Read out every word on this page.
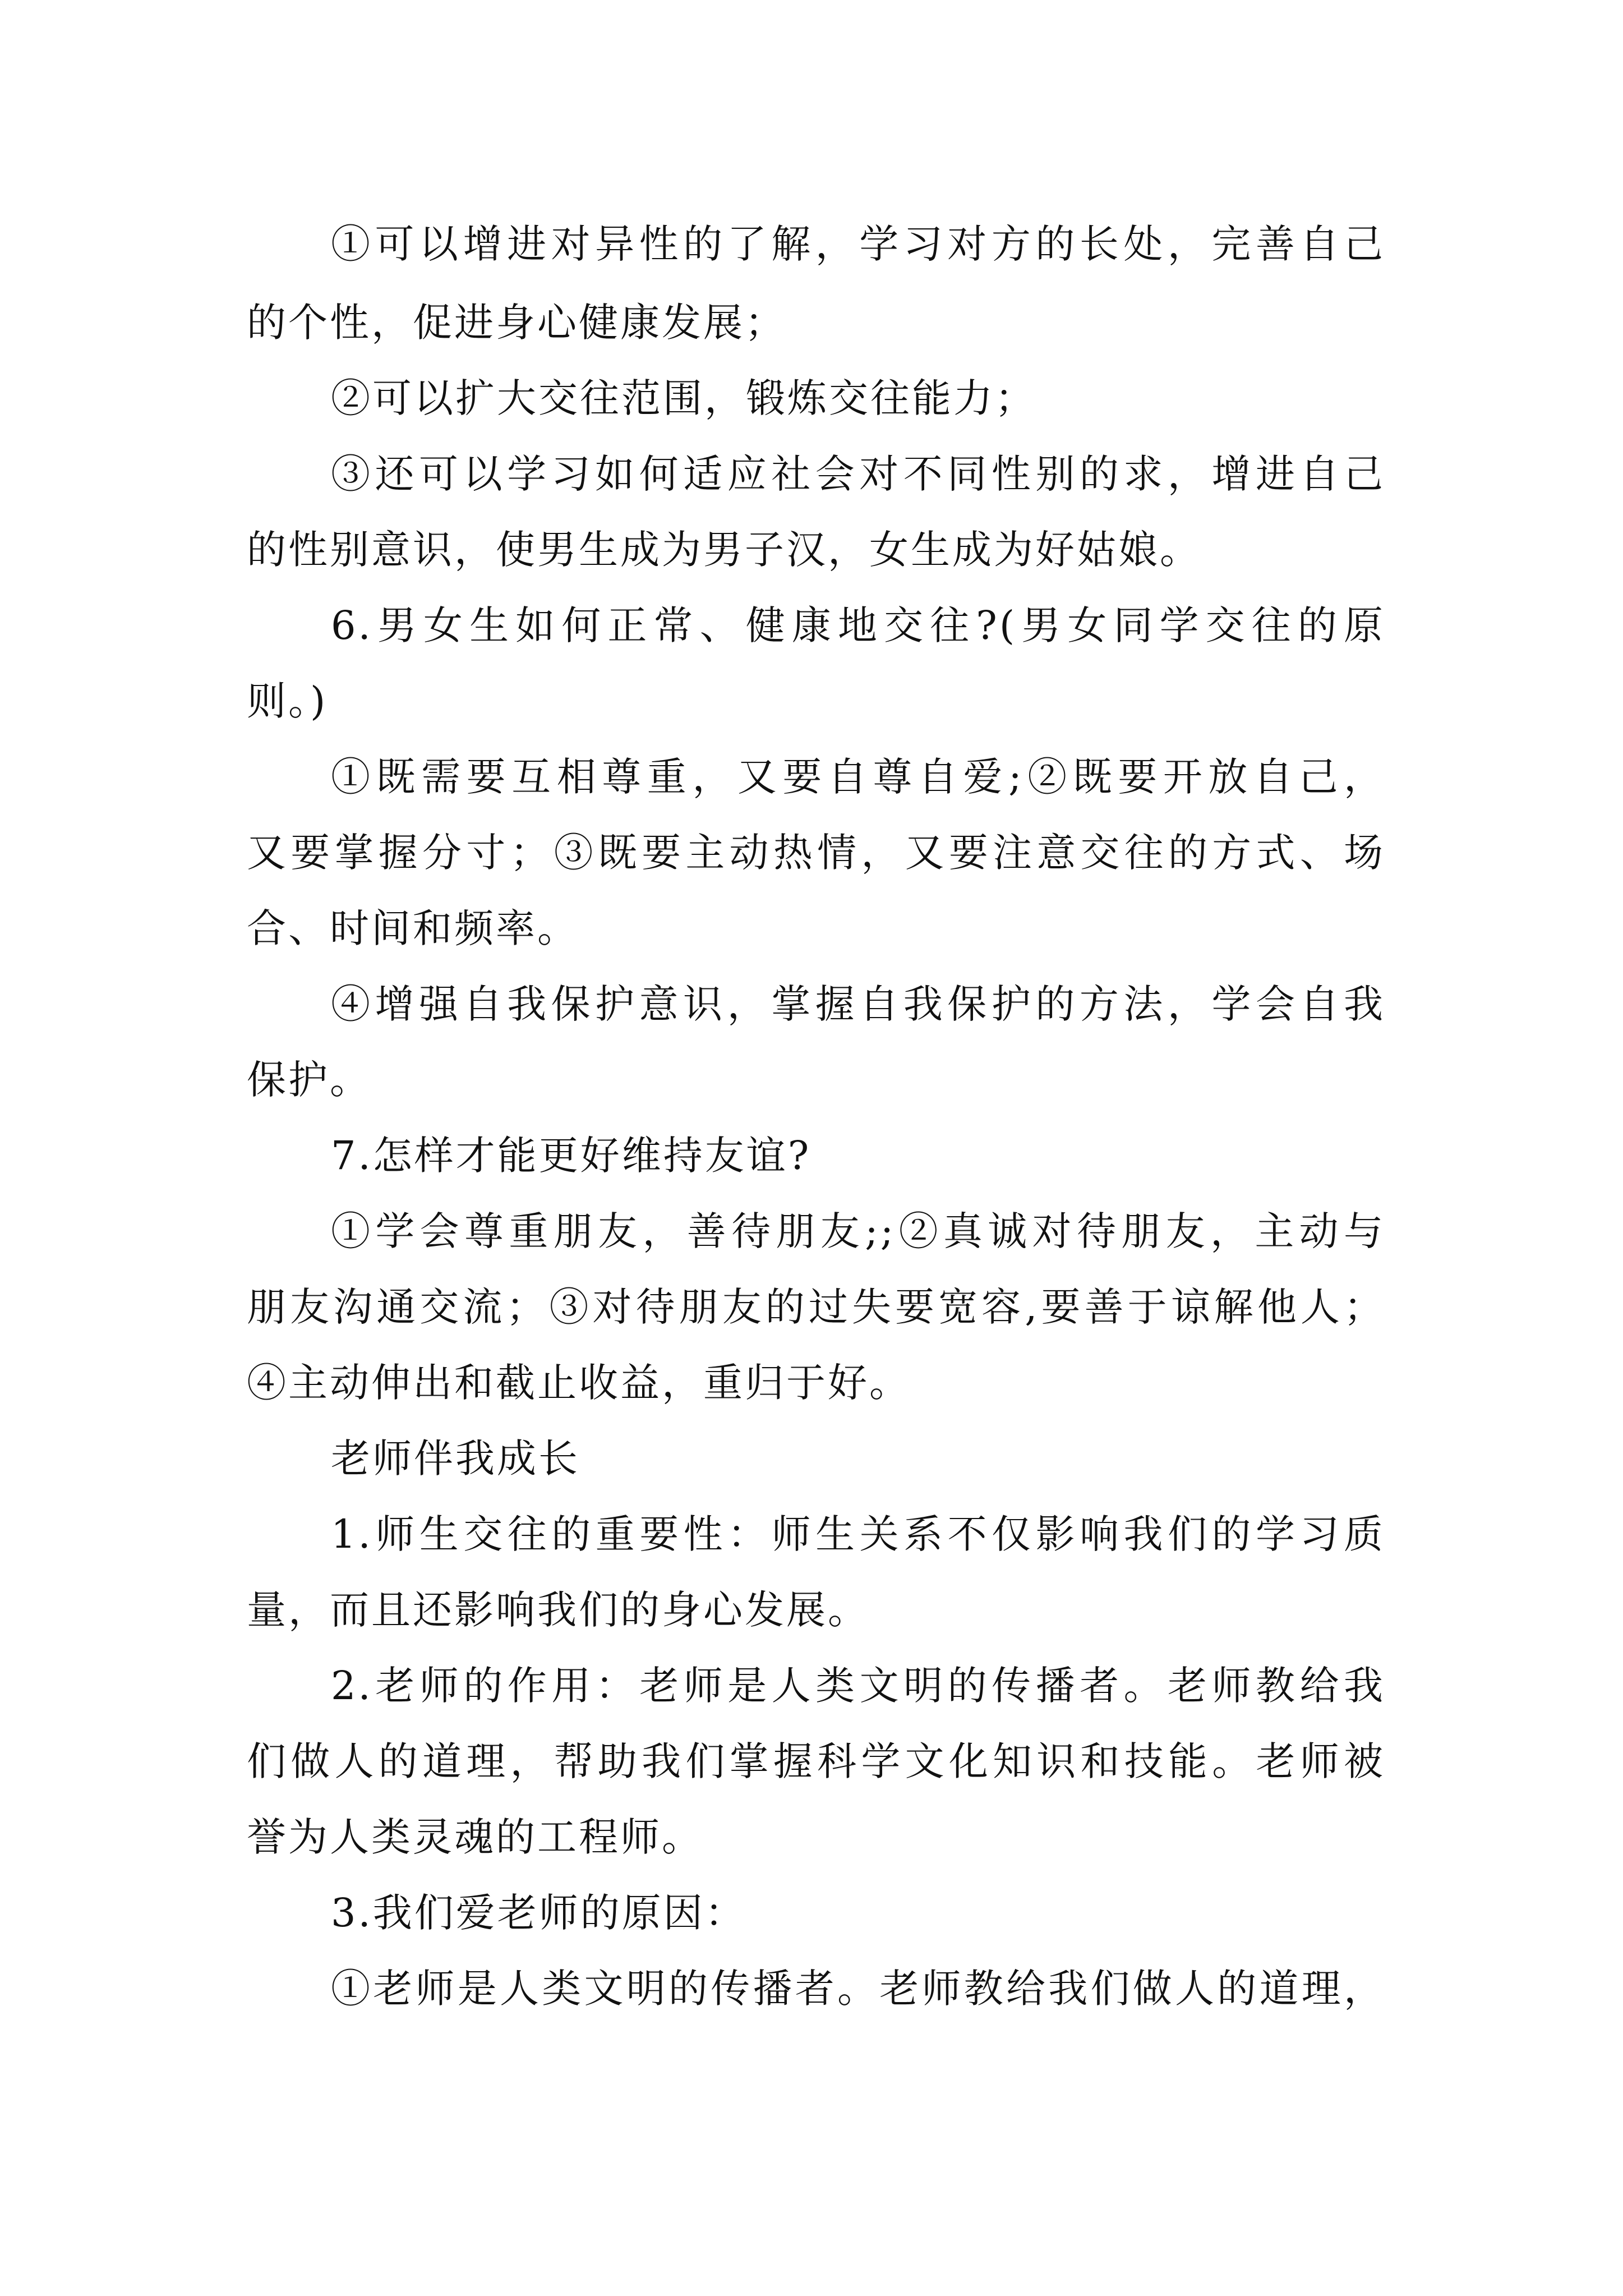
①可以增进对异性的了解，学习对方的长处，完善自己
的个性，促进身心健康发展；
②可以扩大交往范围，锻炼交往能力；
③还可以学习如何适应社会对不同性别的求，增进自己
的性别意识，使男生成为男子汉，女生成为好姑娘。
6.男女生如何正常、健康地交往?(男女同学交往的原
则。)
①既需要互相尊重，又要自尊自爱;②既要开放自己，
又要掌握分寸；③既要主动热情，又要注意交往的方式、场
合、时间和频率。
④增强自我保护意识，掌握自我保护的方法，学会自我
保护。
7.怎样才能更好维持友谊?
①学会尊重朋友，善待朋友;;②真诚对待朋友，主动与
朋友沟通交流；③对待朋友的过失要宽容,要善于谅解他人；
④主动伸出和截止收益，重归于好。
老师伴我成长
1.师生交往的重要性：师生关系不仅影响我们的学习质
量，而且还影响我们的身心发展。
2.老师的作用：老师是人类文明的传播者。老师教给我
们做人的道理，帮助我们掌握科学文化知识和技能。老师被
誉为人类灵魂的工程师。
3.我们爱老师的原因：
①老师是人类文明的传播者。老师教给我们做人的道理，
